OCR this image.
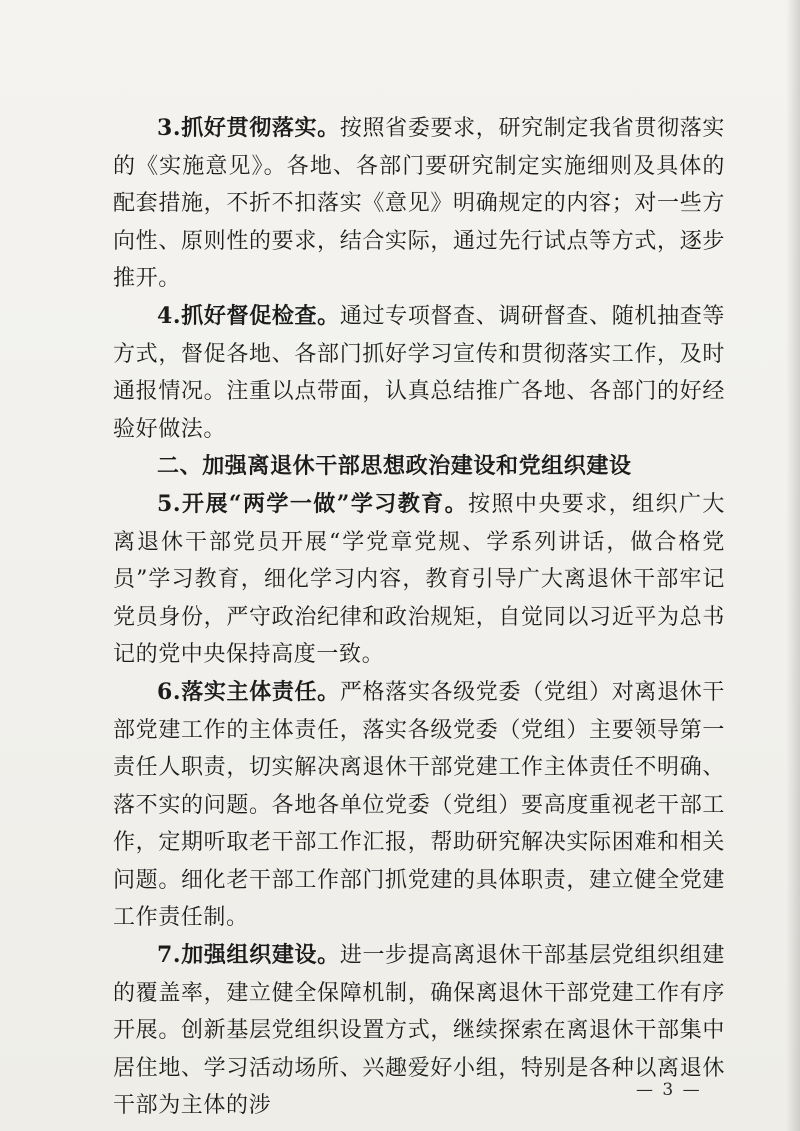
3.抓好贯彻落实。按照省委要求，研究制定我省贯彻落实的《实施意见》。各地、各部门要研究制定实施细则及具体的配套措施，不折不扣落实《意见》明确规定的内容；对一些方向性、原则性的要求，结合实际，通过先行试点等方式，逐步推开。

4.抓好督促检查。通过专项督查、调研督查、随机抽查等方式，督促各地、各部门抓好学习宣传和贯彻落实工作，及时通报情况。注重以点带面，认真总结推广各地、各部门的好经验好做法。

二、加强离退休干部思想政治建设和党组织建设

5.开展“两学一做”学习教育。按照中央要求，组织广大离退休干部党员开展“学党章党规、学系列讲话，做合格党员”学习教育，细化学习内容，教育引导广大离退休干部牢记党员身份，严守政治纪律和政治规矩，自觉同以习近平为总书记的党中央保持高度一致。

6.落实主体责任。严格落实各级党委（党组）对离退休干部党建工作的主体责任，落实各级党委（党组）主要领导第一责任人职责，切实解决离退休干部党建工作主体责任不明确、落不实的问题。各地各单位党委（党组）要高度重视老干部工作，定期听取老干部工作汇报，帮助研究解决实际困难和相关问题。细化老干部工作部门抓党建的具体职责，建立健全党建工作责任制。

7.加强组织建设。进一步提高离退休干部基层党组织组建的覆盖率，建立健全保障机制，确保离退休干部党建工作有序开展。创新基层党组织设置方式，继续探索在离退休干部集中居住地、学习活动场所、兴趣爱好小组，特别是各种以离退休干部为主体的涉

— 3 —
